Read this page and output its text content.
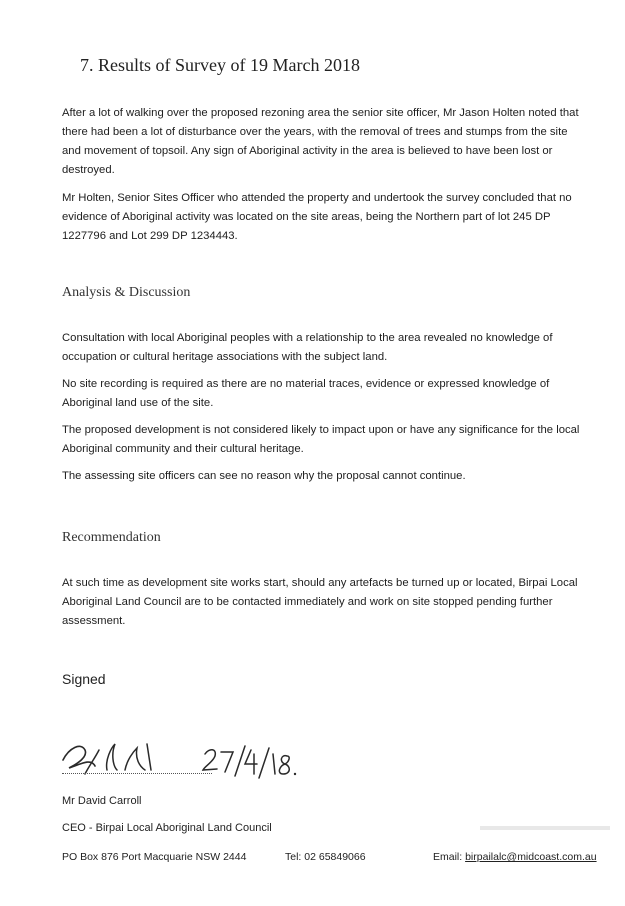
7. Results of Survey of 19 March 2018

After a lot of walking over the proposed rezoning area the senior site officer, Mr Jason Holten noted that there had been a lot of disturbance over the years, with the removal of trees and stumps from the site and movement of topsoil. Any sign of Aboriginal activity in the area is believed to have been lost or destroyed.

Mr Holten, Senior Sites Officer who attended the property and undertook the survey concluded that no evidence of Aboriginal activity was located on the site areas, being the Northern part of lot 245 DP 1227796 and Lot 299 DP 1234443.

Analysis & Discussion

Consultation with local Aboriginal peoples with a relationship to the area revealed no knowledge of occupation or cultural heritage associations with the subject land.

No site recording is required as there are no material traces, evidence or expressed knowledge of Aboriginal land use of the site.

The proposed development is not considered likely to impact upon or have any significance for the local Aboriginal community and their cultural heritage.

The assessing site officers can see no reason why the proposal cannot continue.

Recommendation

At such time as development site works start, should any artefacts be turned up or located, Birpai Local Aboriginal Land Council are to be contacted immediately and work on site stopped pending further assessment.

Signed

Mr David Carroll

CEO - Birpai Local Aboriginal Land Council

PO Box 876 Port Macquarie NSW 2444	Tel: 02 65849066	Email: birpailalc@midcoast.com.au
